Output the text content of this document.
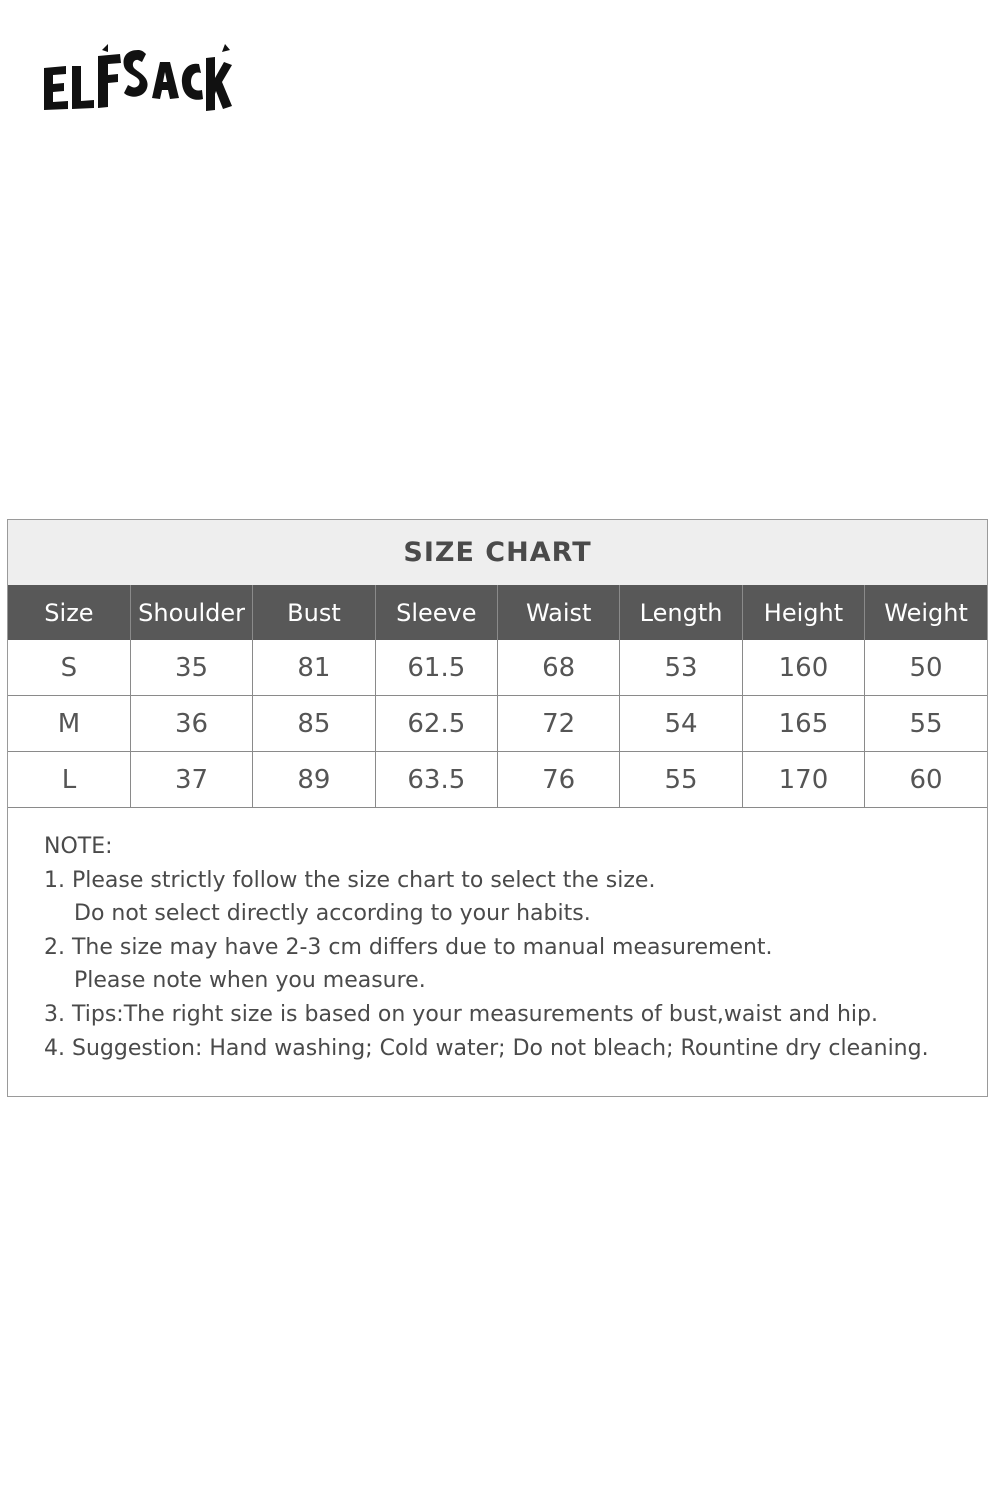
SIZE CHART
Size	Shoulder	Bust	Sleeve	Waist	Length	Height	Weight
S	35	81	61.5	68	53	160	50
M	36	85	62.5	72	54	165	55
L	37	89	63.5	76	55	170	60
NOTE:
1. Please strictly follow the size chart to select the size.
Do not select directly according to your habits.
2. The size may have 2-3 cm differs due to manual measurement.
Please note when you measure.
3. Tips:The right size is based on your measurements of bust,waist and hip.
4. Suggestion: Hand washing; Cold water; Do not bleach; Rountine dry cleaning.
